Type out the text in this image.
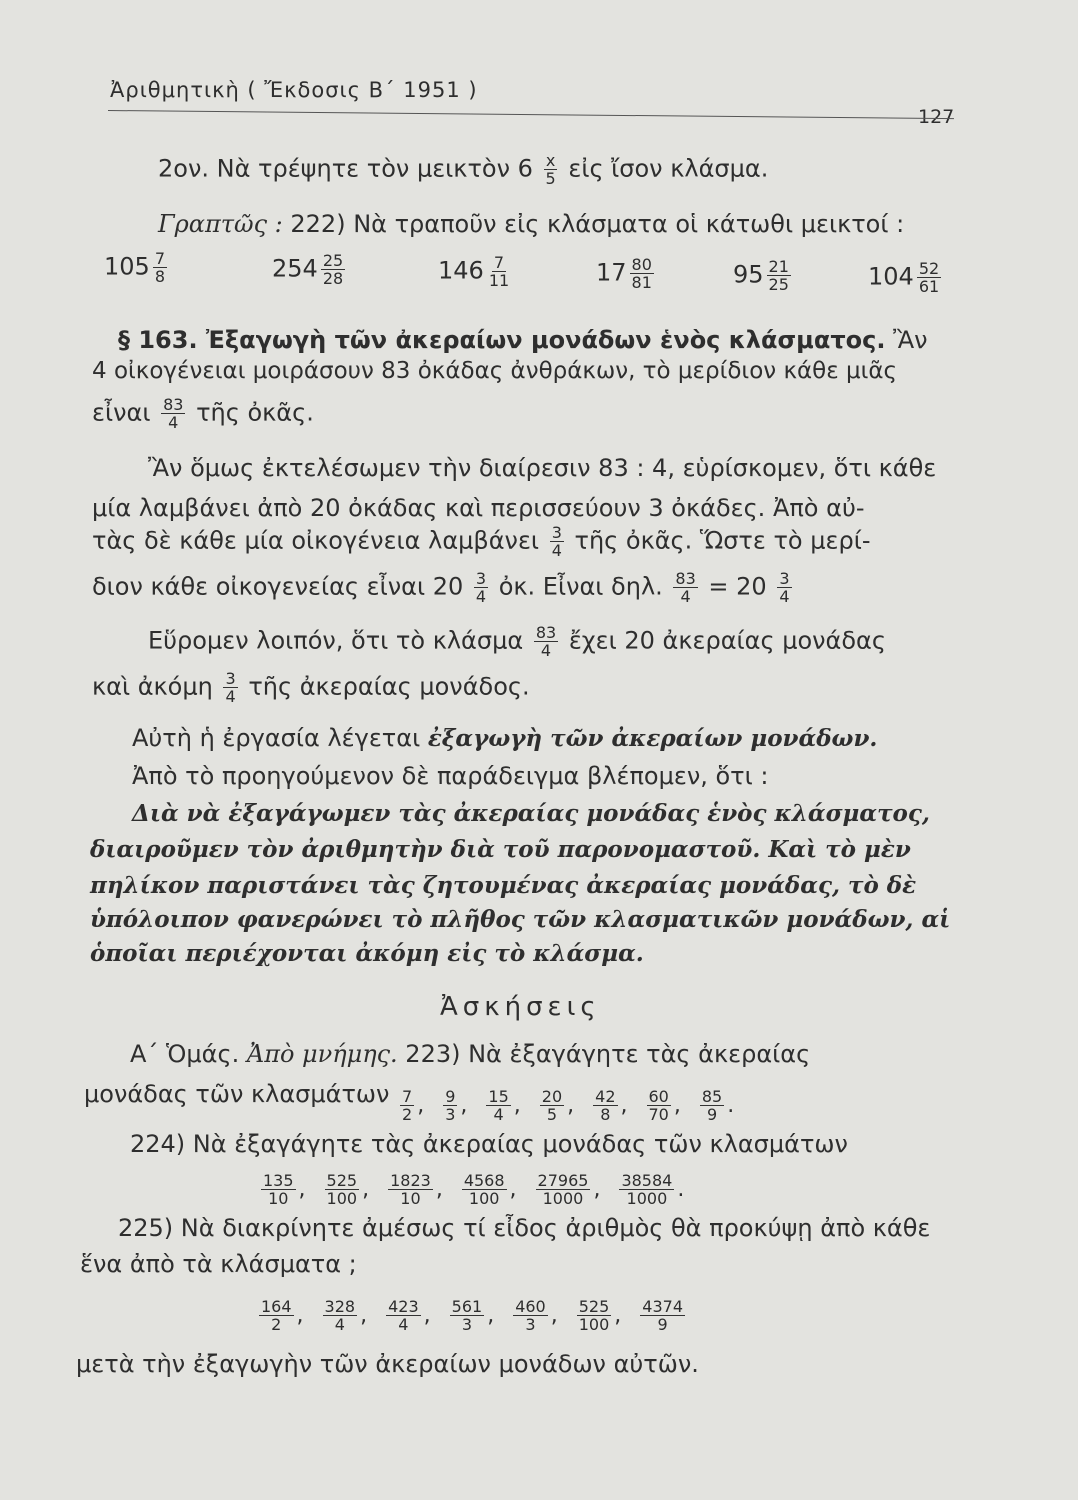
Ἀριθμητικὴ ( Ἔκδοσις Β΄ 1951 )
127
2ον. Νὰ τρέψητε τὸν μεικτὸν $6 \frac{x}{5}$ εἰς ἴσον κλάσμα.
Γραπτῶς : 222) Νὰ τραποῦν εἰς κλάσματα οἱ κάτωθι μεικτοί :
$105 \frac{7}{8}$	$254 \frac{25}{28}$	$146 \frac{7}{11}$	$17 \frac{80}{81}$	$95 \frac{21}{25}$	$104 \frac{52}{61}$
§ 163. Ἐξαγωγὴ τῶν ἀκεραίων μονάδων ἑνὸς κλάσματος. Ἂν
4 οἰκογένειαι μοιράσουν 83 ὀκάδας ἀνθράκων, τὸ μερίδιον κάθε μιᾶς
εἶναι $\frac{83}{4}$ τῆς ὀκᾶς.
Ἂν ὅμως ἐκτελέσωμεν τὴν διαίρεσιν 83 : 4, εὑρίσκομεν, ὅτι κάθε
μία λαμβάνει ἀπὸ 20 ὀκάδας καὶ περισσεύουν 3 ὀκάδες. Ἀπὸ αὐ-
τὰς δὲ κάθε μία οἰκογένεια λαμβάνει $\frac{3}{4}$ τῆς ὀκᾶς. Ὥστε τὸ μερί-
διον κάθε οἰκογενείας εἶναι $20 \frac{3}{4}$ ὀκ. Εἶναι δηλ. $\frac{83}{4} = 20 \frac{3}{4}$
Εὕρομεν λοιπόν, ὅτι τὸ κλάσμα $\frac{83}{4}$ ἔχει 20 ἀκεραίας μονάδας
καὶ ἀκόμη $\frac{3}{4}$ τῆς ἀκεραίας μονάδος.
Αὐτὴ ἡ ἐργασία λέγεται ἐξαγωγὴ τῶν ἀκεραίων μονάδων.
Ἀπὸ τὸ προηγούμενον δὲ παράδειγμα βλέπομεν, ὅτι :
Διὰ νὰ ἐξαγάγωμεν τὰς ἀκεραίας μονάδας ἑνὸς κλάσματος,
διαιροῦμεν τὸν ἀριθμητὴν διὰ τοῦ παρονομαστοῦ. Καὶ τὸ μὲν
πηλίκον παριστάνει τὰς ζητουμένας ἀκεραίας μονάδας, τὸ δὲ
ὑπόλοιπον φανερώνει τὸ πλῆθος τῶν κλασματικῶν μονάδων, αἱ
ὁποῖαι περιέχονται ἀκόμη εἰς τὸ κλάσμα.
Ἀσκήσεις
Α΄ Ὁμάς. Ἀπὸ μνήμης. 223) Νὰ ἐξαγάγητε τὰς ἀκεραίας
μονάδας τῶν κλασμάτων $\frac{7}{2}$ , $\frac{9}{3}$ , $\frac{15}{4}$ , $\frac{20}{5}$ , $\frac{42}{8}$ , $\frac{60}{70}$ , $\frac{85}{9}$ .
224) Νὰ ἐξαγάγητε τὰς ἀκεραίας μονάδας τῶν κλασμάτων
$\frac{135}{10}$ , $\frac{525}{100}$ , $\frac{1823}{10}$ , $\frac{4568}{100}$ , $\frac{27965}{1000}$ , $\frac{38584}{1000}$ .
225) Νὰ διακρίνητε ἀμέσως τί εἶδος ἀριθμὸς θὰ προκύψῃ ἀπὸ κάθε
ἕνα ἀπὸ τὰ κλάσματα ;
$\frac{164}{2}$ , $\frac{328}{4}$ , $\frac{423}{4}$ , $\frac{561}{3}$ , $\frac{460}{3}$ , $\frac{525}{100}$ , $\frac{4374}{9}$
μετὰ τὴν ἐξαγωγὴν τῶν ἀκεραίων μονάδων αὐτῶν.
